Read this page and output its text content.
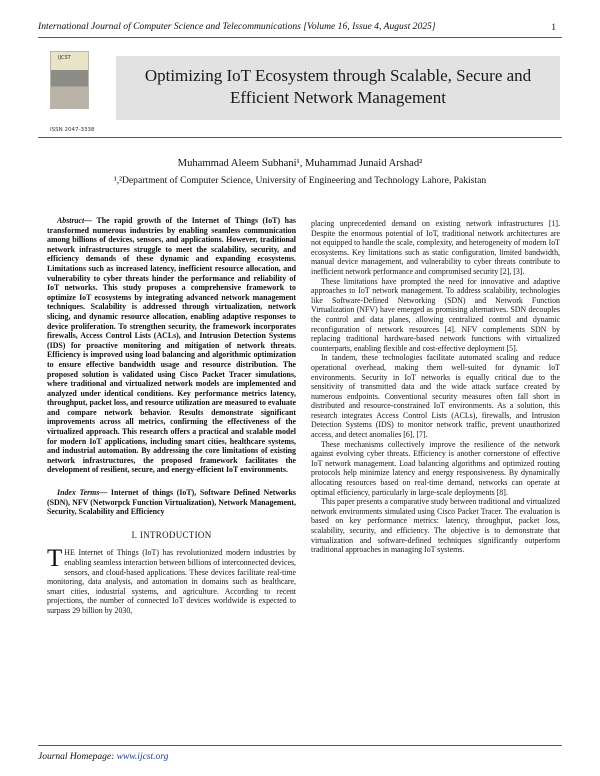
International Journal of Computer Science and Telecommunications [Volume 16, Issue 4, August 2025]	1
IJCST
ISSN 2047-3338
Optimizing IoT Ecosystem through Scalable, Secure and Efficient Network Management
Muhammad Aleem Subhani¹, Muhammad Junaid Arshad²
¹,²Department of Computer Science, University of Engineering and Technology Lahore, Pakistan

Abstract— The rapid growth of the Internet of Things (IoT) has transformed numerous industries by enabling seamless communication among billions of devices, sensors, and applications. However, traditional network infrastructures struggle to meet the scalability, security, and efficiency demands of these dynamic and expanding ecosystems. Limitations such as increased latency, inefficient resource allocation, and vulnerability to cyber threats hinder the performance and reliability of IoT networks. This study proposes a comprehensive framework to optimize IoT ecosystems by integrating advanced network management techniques. Scalability is addressed through virtualization, network slicing, and dynamic resource allocation, enabling adaptive responses to device proliferation. To strengthen security, the framework incorporates firewalls, Access Control Lists (ACLs), and Intrusion Detection Systems (IDS) for proactive monitoring and mitigation of network threats. Efficiency is improved using load balancing and algorithmic optimization to ensure effective bandwidth usage and resource distribution. The proposed solution is validated using Cisco Packet Tracer simulations, where traditional and virtualized network models are implemented and analyzed under identical conditions. Key performance metrics latency, throughput, packet loss, and resource utilization are measured to evaluate and compare network behavior. Results demonstrate significant improvements across all metrics, confirming the effectiveness of the virtualized approach. This research offers a practical and scalable model for modern IoT applications, including smart cities, healthcare systems, and industrial automation. By addressing the core limitations of existing network infrastructures, the proposed framework facilitates the development of resilient, secure, and energy-efficient IoT environments.

Index Terms— Internet of things (IoT), Software Defined Networks (SDN), NFV (Networpck Function Virtualization), Network Management, Security, Scalability and Efficiency

I. INTRODUCTION

THE Internet of Things (IoT) has revolutionized modern industries by enabling seamless interaction between billions of interconnected devices, sensors, and cloud-based applications. These devices facilitate real-time monitoring, data analysis, and automation in domains such as healthcare, smart cities, industrial systems, and agriculture. According to recent projections, the number of connected IoT devices worldwide is expected to surpass 29 billion by 2030,

placing unprecedented demand on existing network infrastructures [1]. Despite the enormous potential of IoT, traditional network architectures are not equipped to handle the scale, complexity, and heterogeneity of modern IoT ecosystems. Key limitations such as static configuration, limited bandwidth, manual device management, and vulnerability to cyber threats contribute to inefficient network performance and compromised security [2], [3].

These limitations have prompted the need for innovative and adaptive approaches to IoT network management. To address scalability, technologies like Software-Defined Networking (SDN) and Network Function Virtualization (NFV) have emerged as promising alternatives. SDN decouples the control and data planes, allowing centralized control and dynamic reconfiguration of network resources [4]. NFV complements SDN by replacing traditional hardware-based network functions with virtualized counterparts, enabling flexible and cost-effective deployment [5].

In tandem, these technologies facilitate automated scaling and reduce operational overhead, making them well-suited for dynamic IoT environments. Security in IoT networks is equally critical due to the sensitivity of transmitted data and the wide attack surface created by numerous endpoints. Conventional security measures often fall short in distributed and resource-constrained IoT environments. As a solution, this research integrates Access Control Lists (ACLs), firewalls, and Intrusion Detection Systems (IDS) to monitor network traffic, prevent unauthorized access, and detect anomalies [6], [7].

These mechanisms collectively improve the resilience of the network against evolving cyber threats. Efficiency is another cornerstone of effective IoT network management. Load balancing algorithms and optimized routing protocols help minimize latency and energy responsiveness. By dynamically allocating resources based on real-time demand, networks can operate at optimal efficiency, particularly in large-scale deployments [8].

This paper presents a comparative study between traditional and virtualized network environments simulated using Cisco Packet Tracer. The evaluation is based on key performance metrics: latency, throughput, packet loss, scalability, security, and efficiency. The objective is to demonstrate that virtualization and software-defined techniques significantly outperform traditional approaches in managing IoT systems.

Journal Homepage: www.ijcst.org
